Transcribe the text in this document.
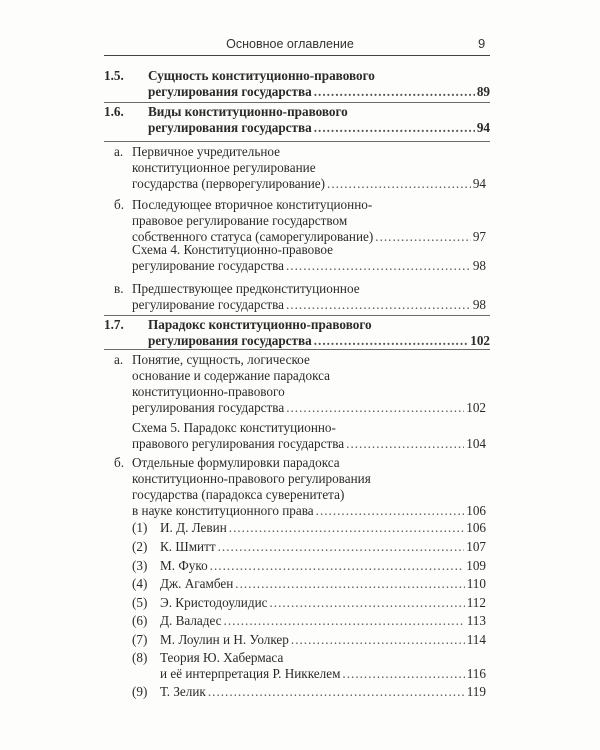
Основное оглавление	9
1.5. Сущность конституционно-правового
регулирования государства .....	89
1.6. Виды конституционно-правового
регулирования государства .....	94
а. Первичное учредительное
конституционное регулирование
государства (перворегулирование) .....	94
б. Последующее вторичное конституционно-
правовое регулирование государством
собственного статуса (саморегулирование) .....	97
Схема 4. Конституционно-правовое
регулирование государства .....	98
в. Предшествующее предконституционное
регулирование государства .....	98
1.7. Парадокс конституционно-правового
регулирования государства .....	102
а. Понятие, сущность, логическое
основание и содержание парадокса
конституционно-правового
регулирования государства .....	102
Схема 5. Парадокс конституционно-
правового регулирования государства .....	104
б. Отдельные формулировки парадокса
конституционно-правового регулирования
государства (парадокса суверенитета)
в науке конституционного права .....	106
(1) И. Д. Левин .....	106
(2) К. Шмитт .....	107
(3) М. Фуко .....	109
(4) Дж. Агамбен .....	110
(5) Э. Кристодоулидис .....	112
(6) Д. Валадес .....	113
(7) М. Лоулин и Н. Уолкер .....	114
(8) Теория Ю. Хабермаса
и её интерпретация Р. Никкелем .....	116
(9) Т. Зелик .....	119
